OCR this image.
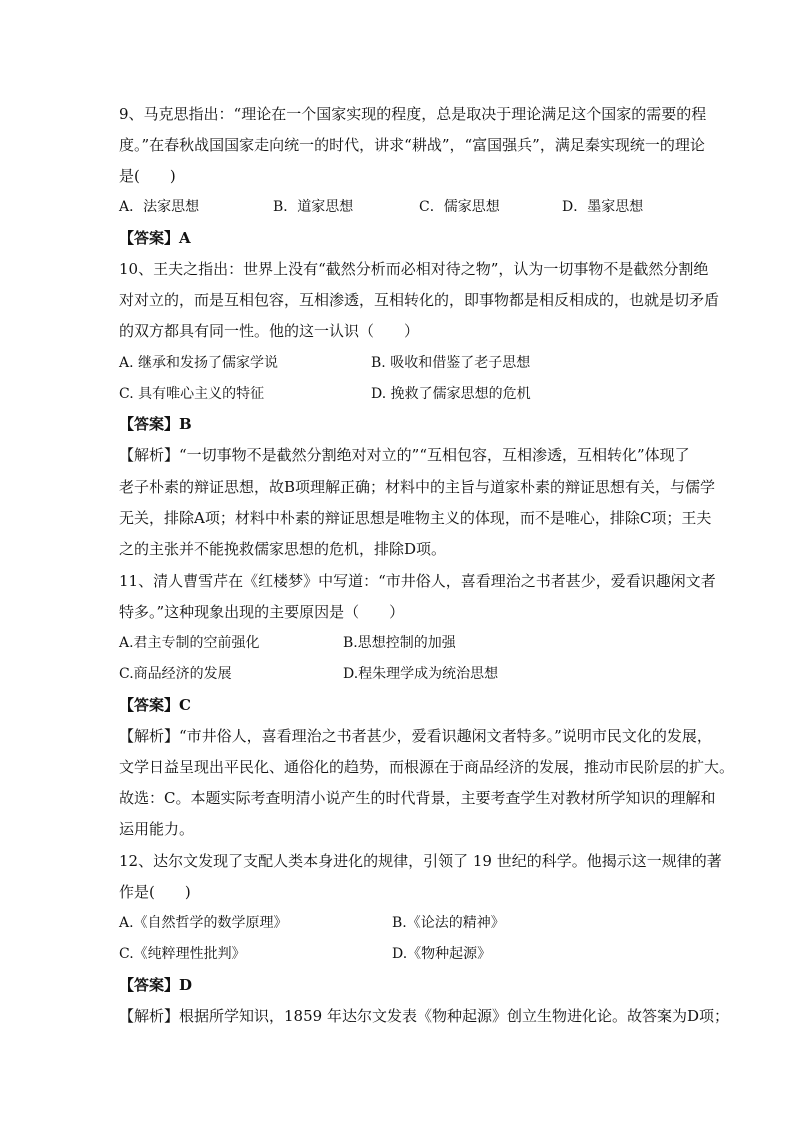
9、马克思指出：“理论在一个国家实现的程度，总是取决于理论满足这个国家的需要的程
度。”在春秋战国国家走向统一的时代，讲求“耕战”，“富国强兵”，满足秦实现统一的理论
是(　　)
A．法家思想	B．道家思想	C．儒家思想	D．墨家思想
【答案】A
10、王夫之指出：世界上没有“截然分析而必相对待之物”，认为一切事物不是截然分割绝
对对立的，而是互相包容，互相渗透，互相转化的，即事物都是相反相成的，也就是切矛盾
的双方都具有同一性。他的这一认识（　　）
A. 继承和发扬了儒家学说	B. 吸收和借鉴了老子思想
C. 具有唯心主义的特征	D. 挽救了儒家思想的危机
【答案】B
【解析】“一切事物不是截然分割绝对对立的”“互相包容，互相渗透，互相转化”体现了
老子朴素的辩证思想，故B项理解正确；材料中的主旨与道家朴素的辩证思想有关，与儒学
无关，排除A项；材料中朴素的辩证思想是唯物主义的体现，而不是唯心，排除C项；王夫
之的主张并不能挽救儒家思想的危机，排除D项。
11、清人曹雪芹在《红楼梦》中写道：“市井俗人，喜看理治之书者甚少，爱看识趣闲文者
特多。”这种现象出现的主要原因是（　　）
A.君主专制的空前强化	B.思想控制的加强
C.商品经济的发展	D.程朱理学成为统治思想
【答案】C
【解析】“市井俗人，喜看理治之书者甚少，爱看识趣闲文者特多。”说明市民文化的发展，
文学日益呈现出平民化、通俗化的趋势，而根源在于商品经济的发展，推动市民阶层的扩大。
故选：C。本题实际考查明清小说产生的时代背景，主要考查学生对教材所学知识的理解和
运用能力。
12、达尔文发现了支配人类本身进化的规律，引领了 19 世纪的科学。他揭示这一规律的著
作是(　　)
A.《自然哲学的数学原理》	B.《论法的精神》
C.《纯粹理性批判》	D.《物种起源》
【答案】D
【解析】根据所学知识，1859 年达尔文发表《物种起源》创立生物进化论。故答案为D项；
